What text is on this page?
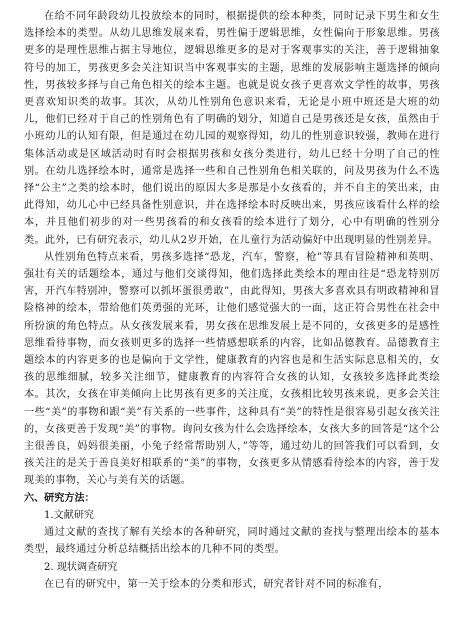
在给不同年龄段幼儿投放绘本的同时，根据提供的绘本种类，同时记录下男生和女生选择绘本的类型。从幼儿思维发展来看，男性偏于逻辑思维，女性偏向于形象思维。男孩更多的是理性思维占据主导地位，逻辑思维更多的是对于客观事实的关注，善于逻辑抽象符号的加工，男孩更多会关注知识当中客观事实的主题，思维的发展影响主题选择的倾向性，男孩较多择与自己角色相关的绘本主题。也就是说女孩子更喜欢文学性的故事，男孩更喜欢知识类的故事。其次，从幼儿性别角色意识来看，无论是小班中班还是大班的幼儿，他们已经对于自己的性别角色有了明确的划分，知道自己是男孩还是女孩，虽然由于小班幼儿的认知有限，但是通过在幼儿园的观察得知，幼儿的性别意识较强，教师在进行集体活动或是区域活动时有时会根据男孩和女孩分类进行，幼儿已经十分明了自己的性别。在幼儿选择绘本时，通常是选择一些和自己性别角色相关联的，问及男孩为什么不选择“公主”之类的绘本时，他们说出的原因大多是那是小女孩看的，并不自主的笑出来，由此得知，幼儿心中已经具备性别意识，并在选择绘本时反映出来，男孩应该看什么样的绘本，并且他们初步的对一些男孩看的和女孩看的绘本进行了划分，心中有明确的性别分类。此外，已有研究表示，幼儿从2岁开始，在儿童行为活动偏好中出现明显的性别差异。

从性别角色特点来看，男孩多选择“恐龙，汽车，警察，枪”等具有冒险精神和英明、强壮有关的话题绘本，通过与他们交谈得知，他们选择此类绘本的理由往是“恐龙特别厉害，开汽车特别冲，警察可以抓坏蛋很勇敢”，由此得知，男孩大多喜欢具有明政精神和冒险格神的绘本，带给他们英勇强的光环，让他们感觉强大的一面，这正符合男性在社会中所扮演的角色特点。从女孩发展来看，男女孩在思维发展上是不同的，女孩更多的是感性思维看待事物，而女孩则更多的选择一些情感想联系的内容，比如品德教育。品德教育主题绘本的内容更多的也是偏向于文学性，健康教育的内容也是和生活实际息息相关的，女孩的思维细腻，较多关注细节，健康教育的内容符合女孩的认知，女孩较多选择此类绘本。其次，女孩在审美倾向上比男孩有更多的关注度，女孩相比较男孩来说，更多会关注一些“美”的事物和跟“美”有关系的一些事件，这种具有“美”的特性是很容易引起女孩关注的，女孩更善于发现“美”的事物。询问女孩为什么会选择绘本，女孩大多的回答是“这个公主很善良，妈妈很美丽，小兔子经常帮助别人，”等等，通过幼儿的回答我们可以看到，女孩关注的是关于善良美好相联系的“美”的事物，女孩更多从情感看待绘本的内容，善于发现美的事物，关心与美有关的话题。

六、研究方法：

1.文献研究

通过文献的查找了解有关绘本的各种研究，同时通过文献的查找与整理出绘本的基本类型，最终通过分析总结概括出绘本的几种不同的类型。

2. 现状调查研究

在已有的研究中，第一关于绘本的分类和形式，研究者针对不同的标准有，
